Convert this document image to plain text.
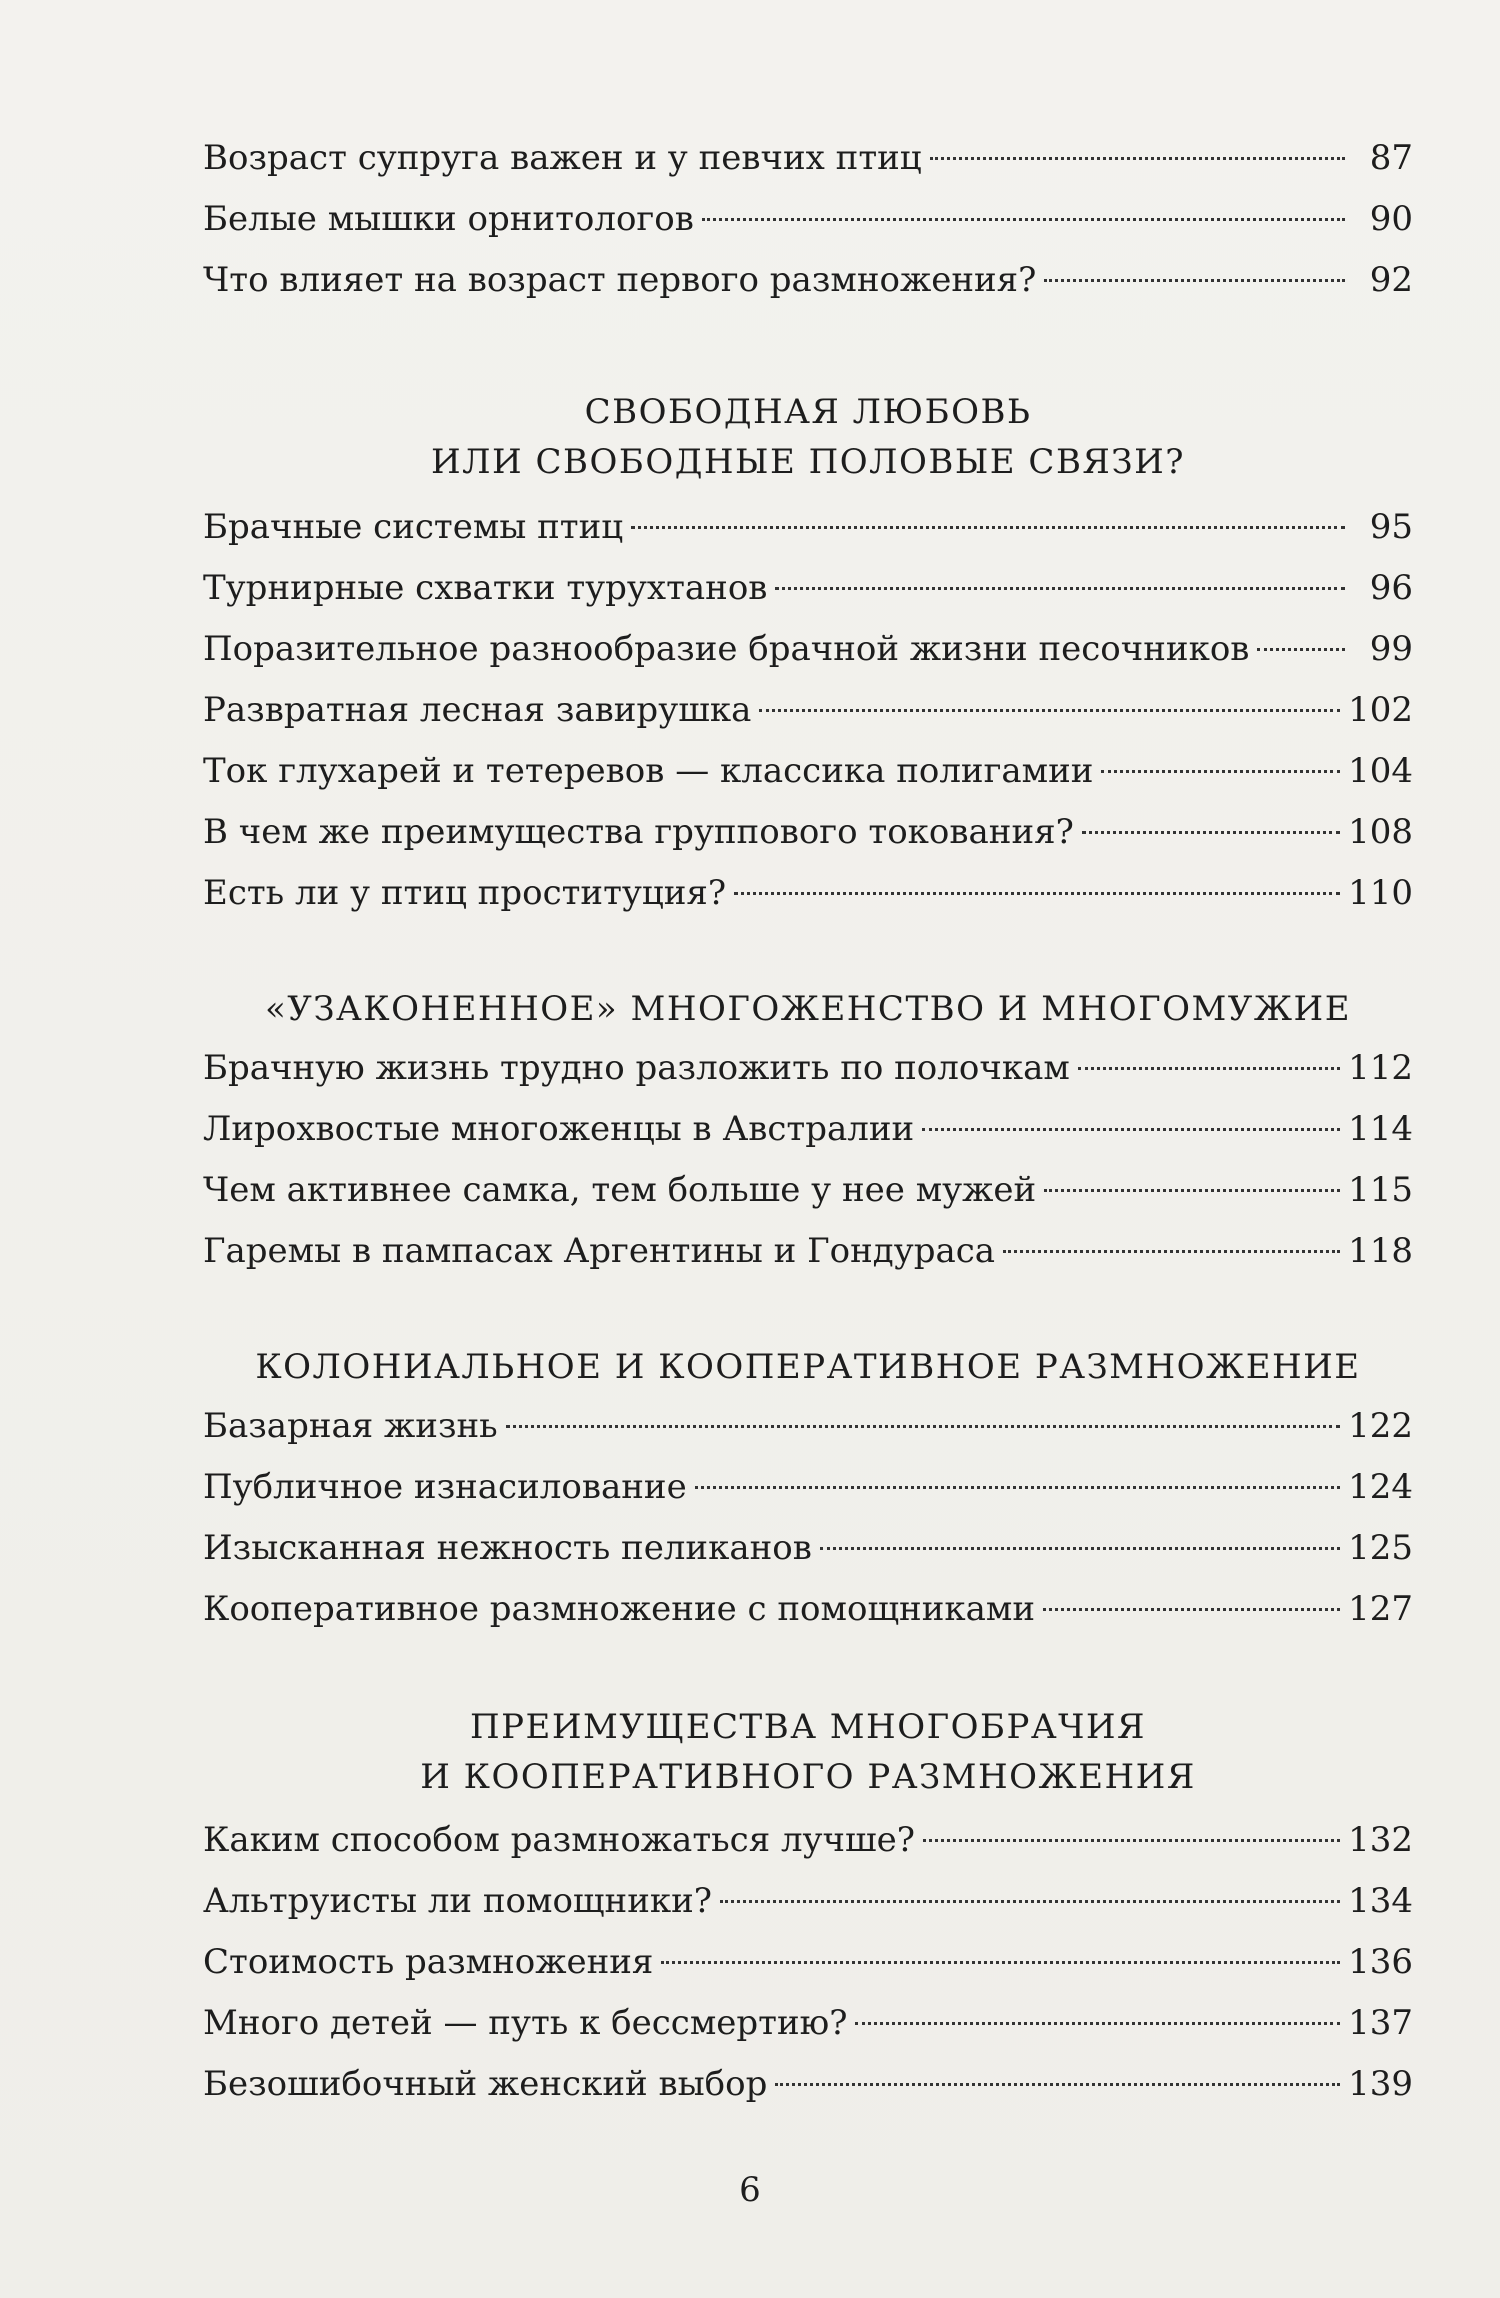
Возраст супруга важен и у певчих птиц	87
Белые мышки орнитологов	90
Что влияет на возраст первого размножения?	92
СВОБОДНАЯ ЛЮБОВЬ
ИЛИ СВОБОДНЫЕ ПОЛОВЫЕ СВЯЗИ?
Брачные системы птиц	95
Турнирные схватки турухтанов	96
Поразительное разнообразие брачной жизни песочников	99
Развратная лесная завирушка	102
Ток глухарей и тетеревов — классика полигамии	104
В чем же преимущества группового токования?	108
Есть ли у птиц проституция?	110
«УЗАКОНЕННОЕ» МНОГОЖЕНСТВО И МНОГОМУЖИЕ
Брачную жизнь трудно разложить по полочкам	112
Лирохвостые многоженцы в Австралии	114
Чем активнее самка, тем больше у нее мужей	115
Гаремы в пампасах Аргентины и Гондураса	118
КОЛОНИАЛЬНОЕ И КООПЕРАТИВНОЕ РАЗМНОЖЕНИЕ
Базарная жизнь	122
Публичное изнасилование	124
Изысканная нежность пеликанов	125
Кооперативное размножение с помощниками	127
ПРЕИМУЩЕСТВА МНОГОБРАЧИЯ
И КООПЕРАТИВНОГО РАЗМНОЖЕНИЯ
Каким способом размножаться лучше?	132
Альтруисты ли помощники?	134
Стоимость размножения	136
Много детей — путь к бессмертию?	137
Безошибочный женский выбор	139
6
